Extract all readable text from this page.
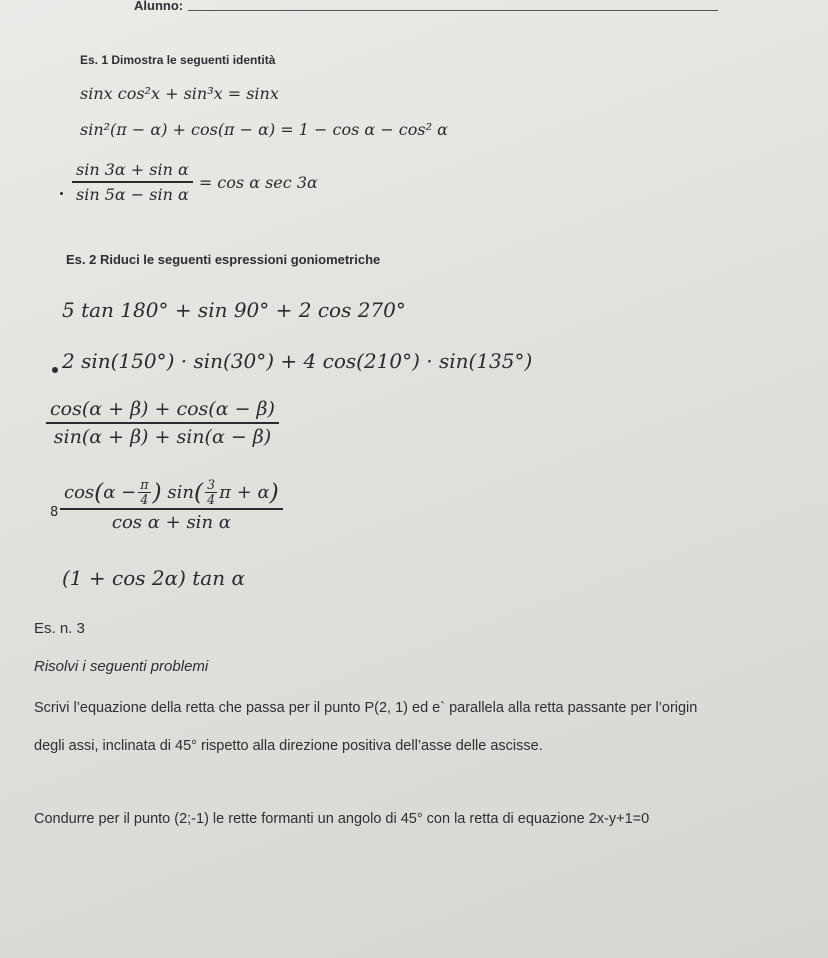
Alunno:
Es. 1 Dimostra le seguenti identità
sinx cos²x + sin³x = sinx
sin²(π − α) + cos(π − α) = 1 − cos α − cos² α
$\frac{\text{sin 3α + sin α}}{\text{sin 5α − sin α}} = \cos \alpha$ sec 3α
Es. 2 Riduci le seguenti espressioni goniometriche
5 tan 180° + sin 90° + 2 cos 270°
2 sin(150°) · sin(30°) + 4 cos(210°) · sin(135°)
$\frac{\cos(\alpha + \beta) + \cos(\alpha - \beta)}{\sin(\alpha + \beta) + \sin(\alpha - \beta)}$
8 cos ( α − π
4 ) sin ( 3
4 π + α )
cos α + sin α
(1 + cos 2α) tan α
Es. n. 3
Risolvi i seguenti problemi
Scrivi l’equazione della retta che passa per il punto P(2, 1) ed e` parallela alla retta passante per l’origin
degli assi, inclinata di 45° rispetto alla direzione positiva dell’asse delle ascisse.
Condurre per il punto (2;-1) le rette formanti un angolo di 45° con la retta di equazione 2x-y+1=0
